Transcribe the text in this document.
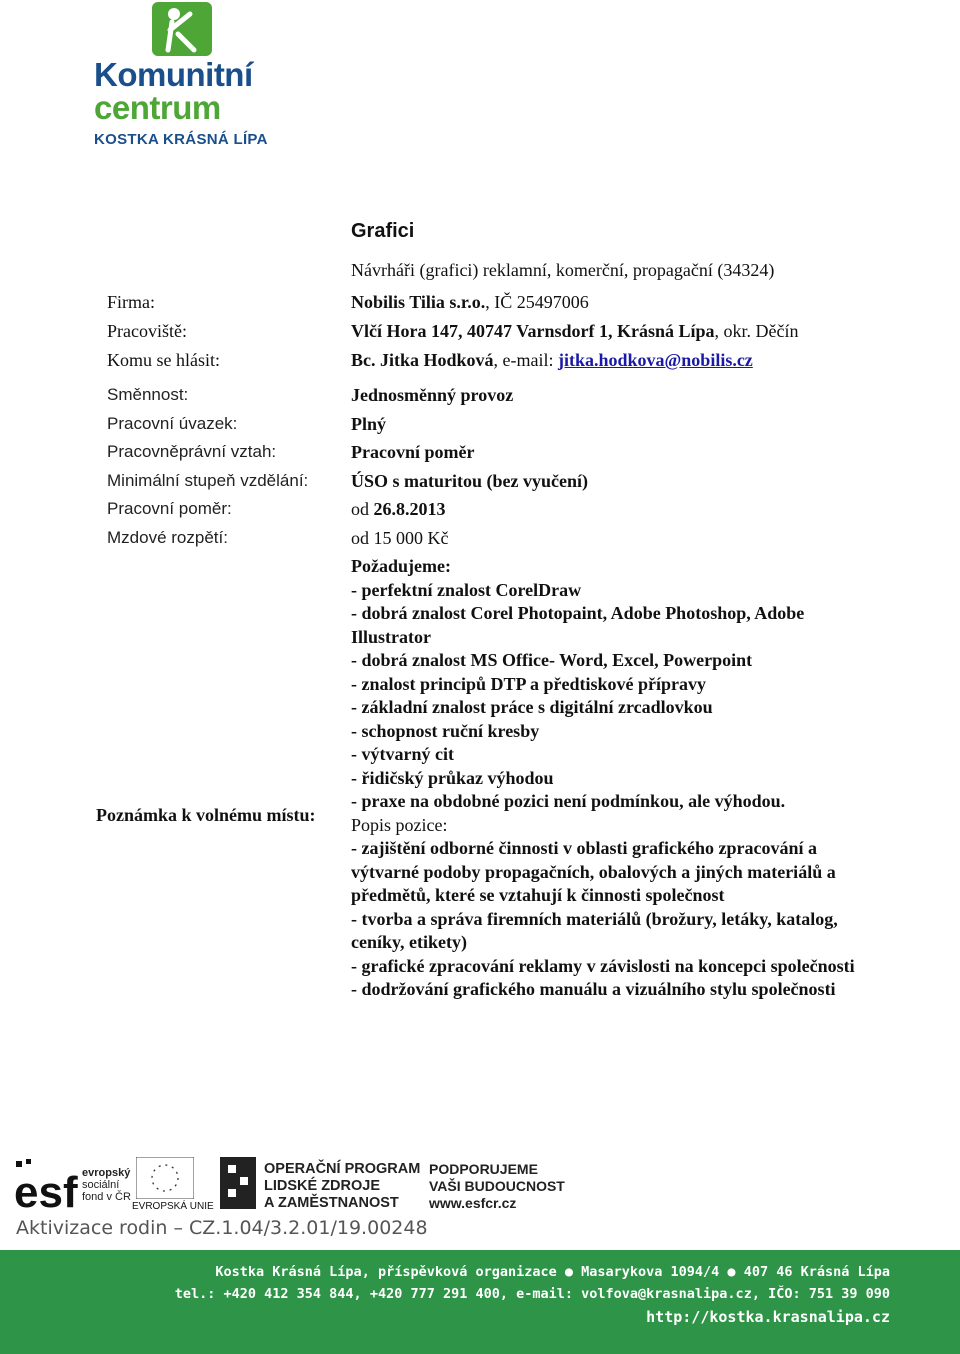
Komunitní
centrum
KOSTKA KRÁSNÁ LÍPA
Grafici
Návrháři (grafici) reklamní, komerční, propagační (34324)
Firma:	Nobilis Tilia s.r.o., IČ 25497006
Pracoviště:	Vlčí Hora 147, 40747 Varnsdorf 1, Krásná Lípa, okr. Děčín
Komu se hlásit:	Bc. Jitka Hodková, e-mail: jitka.hodkova@nobilis.cz
Směnnost:	Jednosměnný provoz
Pracovní úvazek:	Plný
Pracovněprávní vztah:	Pracovní poměr
Minimální stupeň vzdělání: ÚSO s maturitou (bez vyučení)
Pracovní poměr:	od 26.8.2013
Mzdové rozpětí:	od 15 000 Kč
Poznámka k volnému místu:
Požadujeme:
- perfektní znalost CorelDraw
- dobrá znalost Corel Photopaint, Adobe Photoshop, Adobe Illustrator
- dobrá znalost MS Office- Word, Excel, Powerpoint
- znalost principů DTP a předtiskové přípravy
- základní znalost práce s digitální zrcadlovkou
- schopnost ruční kresby
- výtvarný cit
- řidičský průkaz výhodou
- praxe na obdobné pozici není podmínkou, ale výhodou.
Popis pozice:
- zajištění odborné činnosti v oblasti grafického zpracování a výtvarné podoby propagačních, obalových a jiných materiálů a předmětů, které se vztahují k činnosti společnost
- tvorba a správa firemních materiálů (brožury, letáky, katalog, ceníky, etikety)
- grafické zpracování reklamy v závislosti na koncepci společnosti
- dodržování grafického manuálu a vizuálního stylu společnosti
esf evropský
sociální
fond v ČR
EVROPSKÁ UNIE
OPERAČNÍ PROGRAM
LIDSKÉ ZDROJE
A ZAMĚSTNANOST
PODPORUJEME
VAŠI BUDOUCNOST
www.esfcr.cz
Aktivizace rodin – CZ.1.04/3.2.01/19.00248
Kostka Krásná Lípa, příspěvková organizace ● Masarykova 1094/4 ● 407 46 Krásná Lípa
tel.: +420 412 354 844, +420 777 291 400, e-mail: volfova@krasnalipa.cz, IČO: 751 39 090
http://kostka.krasnalipa.cz
